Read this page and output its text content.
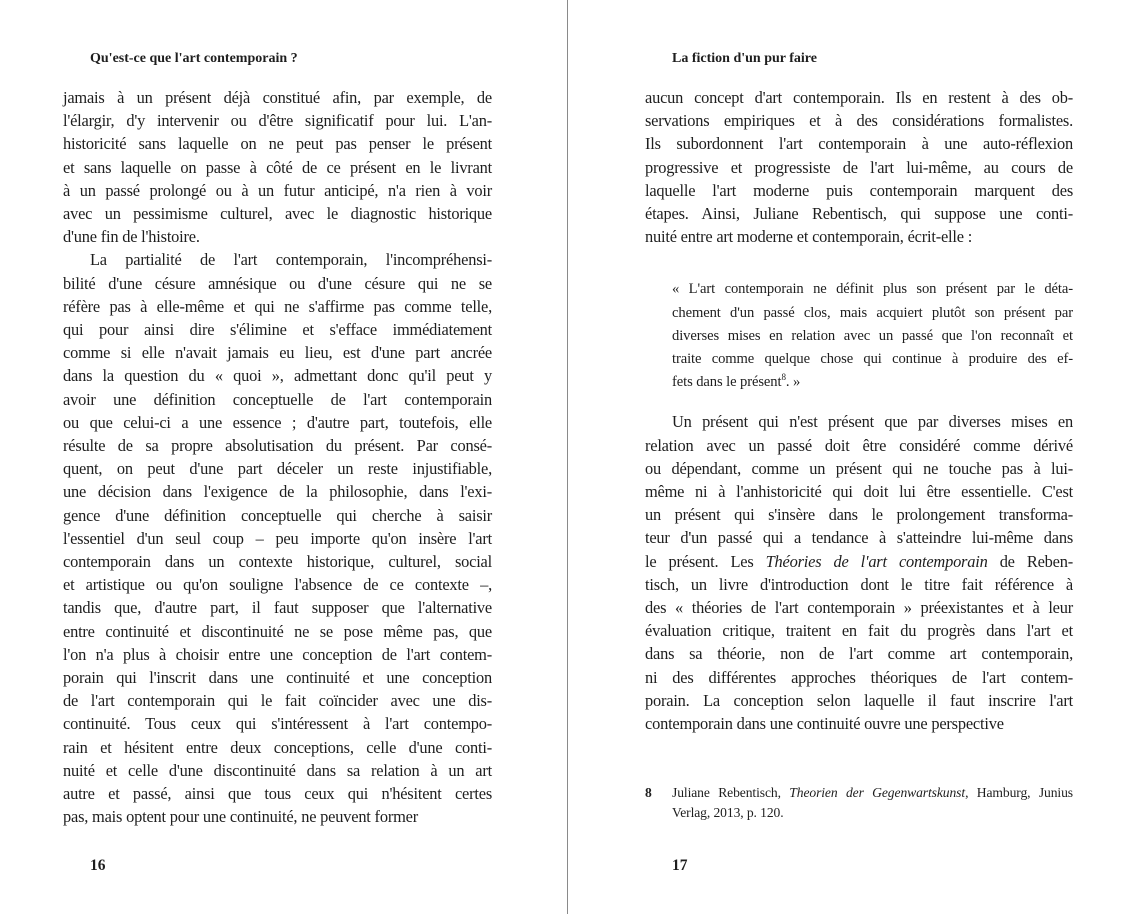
Qu'est-ce que l'art contemporain ?
jamais à un présent déjà constitué afin, par exemple, de
l'élargir, d'y intervenir ou d'être significatif pour lui. L'an-
historicité sans laquelle on ne peut pas penser le présent
et sans laquelle on passe à côté de ce présent en le livrant
à un passé prolongé ou à un futur anticipé, n'a rien à voir
avec un pessimisme culturel, avec le diagnostic historique
d'une fin de l'histoire.
La partialité de l'art contemporain, l'incompréhensi-
bilité d'une césure amnésique ou d'une césure qui ne se
réfère pas à elle-même et qui ne s'affirme pas comme telle,
qui pour ainsi dire s'élimine et s'efface immédiatement
comme si elle n'avait jamais eu lieu, est d'une part ancrée
dans la question du « quoi », admettant donc qu'il peut y
avoir une définition conceptuelle de l'art contemporain
ou que celui-ci a une essence ; d'autre part, toutefois, elle
résulte de sa propre absolutisation du présent. Par consé-
quent, on peut d'une part déceler un reste injustifiable,
une décision dans l'exigence de la philosophie, dans l'exi-
gence d'une définition conceptuelle qui cherche à saisir
l'essentiel d'un seul coup – peu importe qu'on insère l'art
contemporain dans un contexte historique, culturel, social
et artistique ou qu'on souligne l'absence de ce contexte –,
tandis que, d'autre part, il faut supposer que l'alternative
entre continuité et discontinuité ne se pose même pas, que
l'on n'a plus à choisir entre une conception de l'art contem-
porain qui l'inscrit dans une continuité et une conception
de l'art contemporain qui le fait coïncider avec une dis-
continuité. Tous ceux qui s'intéressent à l'art contempo-
rain et hésitent entre deux conceptions, celle d'une conti-
nuité et celle d'une discontinuité dans sa relation à un art
autre et passé, ainsi que tous ceux qui n'hésitent certes
pas, mais optent pour une continuité, ne peuvent former
16
La fiction d'un pur faire
aucun concept d'art contemporain. Ils en restent à des ob-
servations empiriques et à des considérations formalistes.
Ils subordonnent l'art contemporain à une auto-réflexion
progressive et progressiste de l'art lui-même, au cours de
laquelle l'art moderne puis contemporain marquent des
étapes. Ainsi, Juliane Rebentisch, qui suppose une conti-
nuité entre art moderne et contemporain, écrit-elle :
« L'art contemporain ne définit plus son présent par le déta-
chement d'un passé clos, mais acquiert plutôt son présent par
diverses mises en relation avec un passé que l'on reconnaît et
traite comme quelque chose qui continue à produire des ef-
fets dans le présent$^8$. »
Un présent qui n'est présent que par diverses mises en
relation avec un passé doit être considéré comme dérivé
ou dépendant, comme un présent qui ne touche pas à lui-
même ni à l'anhistoricité qui doit lui être essentielle. C'est
un présent qui s'insère dans le prolongement transforma-
teur d'un passé qui a tendance à s'atteindre lui-même dans
le présent. Les Théories de l'art contemporain de Reben-
tisch, un livre d'introduction dont le titre fait référence à
des « théories de l'art contemporain » préexistantes et à leur
évaluation critique, traitent en fait du progrès dans l'art et
dans sa théorie, non de l'art comme art contemporain,
ni des différentes approches théoriques de l'art contem-
porain. La conception selon laquelle il faut inscrire l'art
contemporain dans une continuité ouvre une perspective
8	Juliane Rebentisch, Theorien der Gegenwartskunst, Hamburg, Junius
Verlag, 2013, p. 120.
17
